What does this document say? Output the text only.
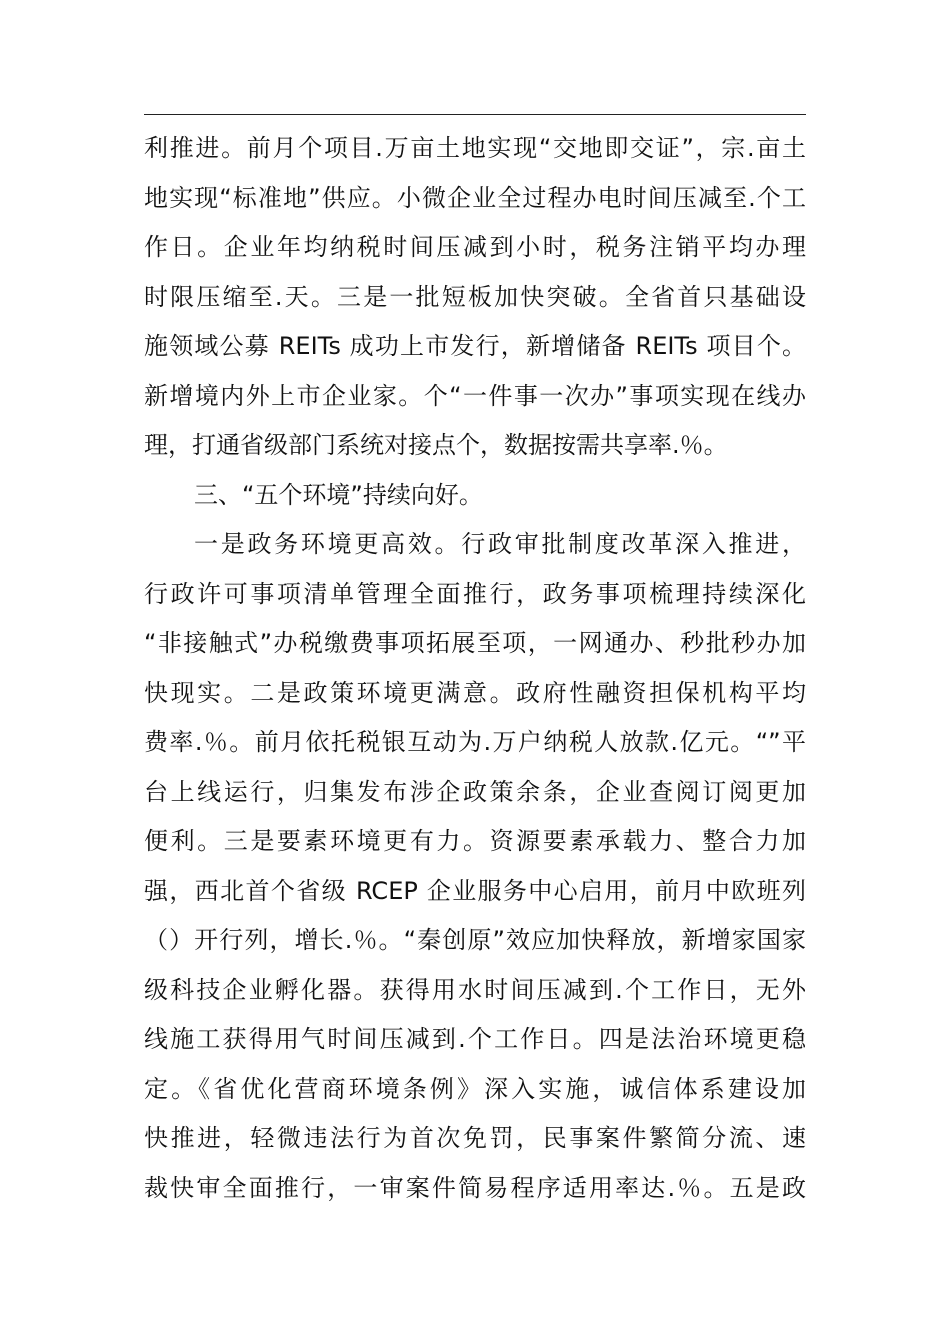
利推进。前月个项目.万亩土地实现“交地即交证”，宗.亩土
地实现“标准地”供应。小微企业全过程办电时间压减至.个工
作日。企业年均纳税时间压减到小时，税务注销平均办理
时限压缩至.天。三是一批短板加快突破。全省首只基础设
施领域公募 REITs 成功上市发行，新增储备 REITs 项目个。
新增境内外上市企业家。个“一件事一次办”事项实现在线办
理，打通省级部门系统对接点个，数据按需共享率.％。
三、“五个环境”持续向好。
一是政务环境更高效。行政审批制度改革深入推进，
行政许可事项清单管理全面推行，政务事项梳理持续深化
“非接触式”办税缴费事项拓展至项，一网通办、秒批秒办加
快现实。二是政策环境更满意。政府性融资担保机构平均
费率.％。前月依托税银互动为.万户纳税人放款.亿元。“”平
台上线运行，归集发布涉企政策余条，企业查阅订阅更加
便利。三是要素环境更有力。资源要素承载力、整合力加
强，西北首个省级 RCEP 企业服务中心启用，前月中欧班列
（）开行列，增长.％。“秦创原”效应加快释放，新增家国家
级科技企业孵化器。获得用水时间压减到.个工作日，无外
线施工获得用气时间压减到.个工作日。四是法治环境更稳
定。《省优化营商环境条例》深入实施，诚信体系建设加
快推进，轻微违法行为首次免罚，民事案件繁简分流、速
裁快审全面推行，一审案件简易程序适用率达.％。五是政
